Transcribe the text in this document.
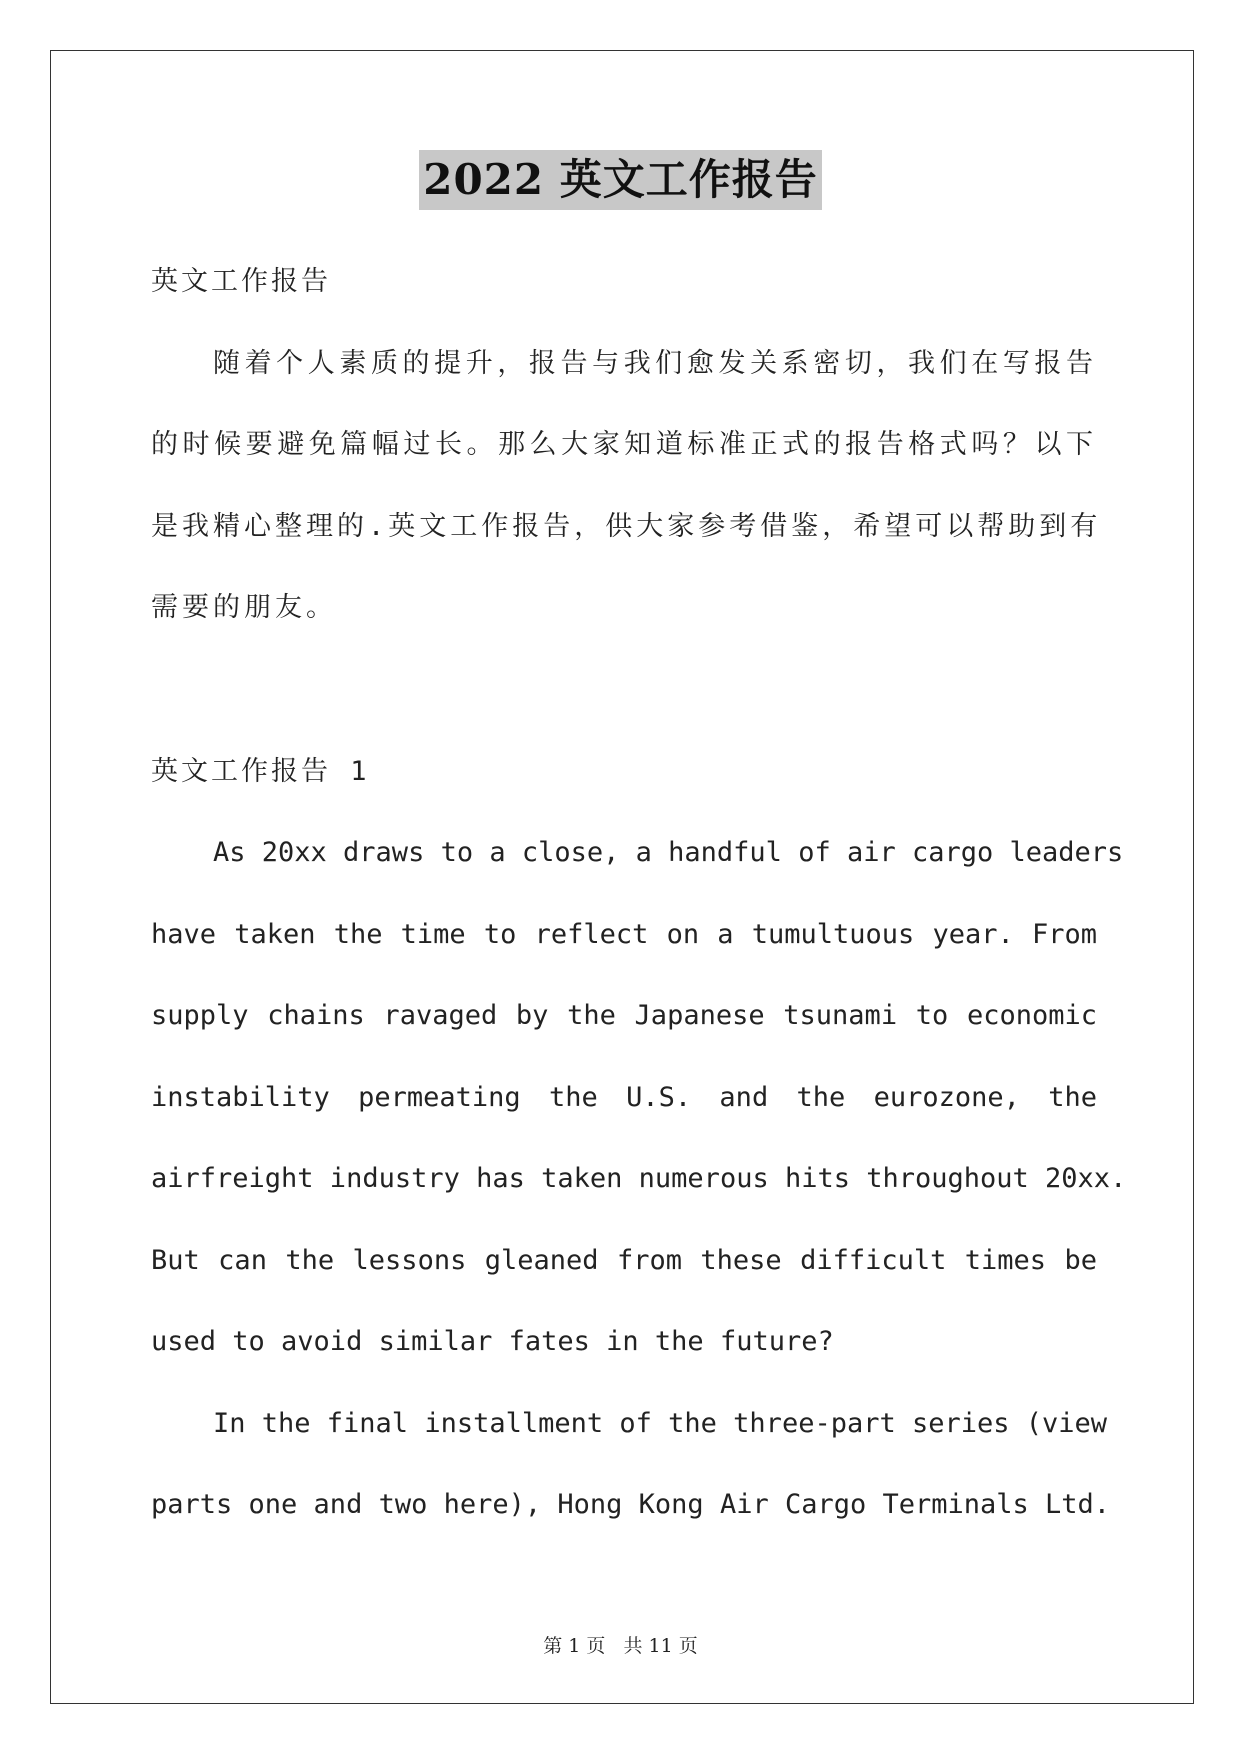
2022 英文工作报告
英文工作报告
随着个人素质的提升，报告与我们愈发关系密切，我们在写报告
的时候要避免篇幅过长。那么大家知道标准正式的报告格式吗？以下
是我精心整理的.英文工作报告，供大家参考借鉴，希望可以帮助到有
需要的朋友。
英文工作报告 1
As 20xx draws to a close, a handful of air cargo leaders
have taken the time to reflect on a tumultuous year. From
supply chains ravaged by the Japanese tsunami to economic
instability permeating the U.S. and the eurozone, the
airfreight industry has taken numerous hits throughout 20xx.
But can the lessons gleaned from these difficult times be
used to avoid similar fates in the future?
In the final installment of the three-part series (view
parts one and two here), Hong Kong Air Cargo Terminals Ltd.
第 1 页   共 11 页
